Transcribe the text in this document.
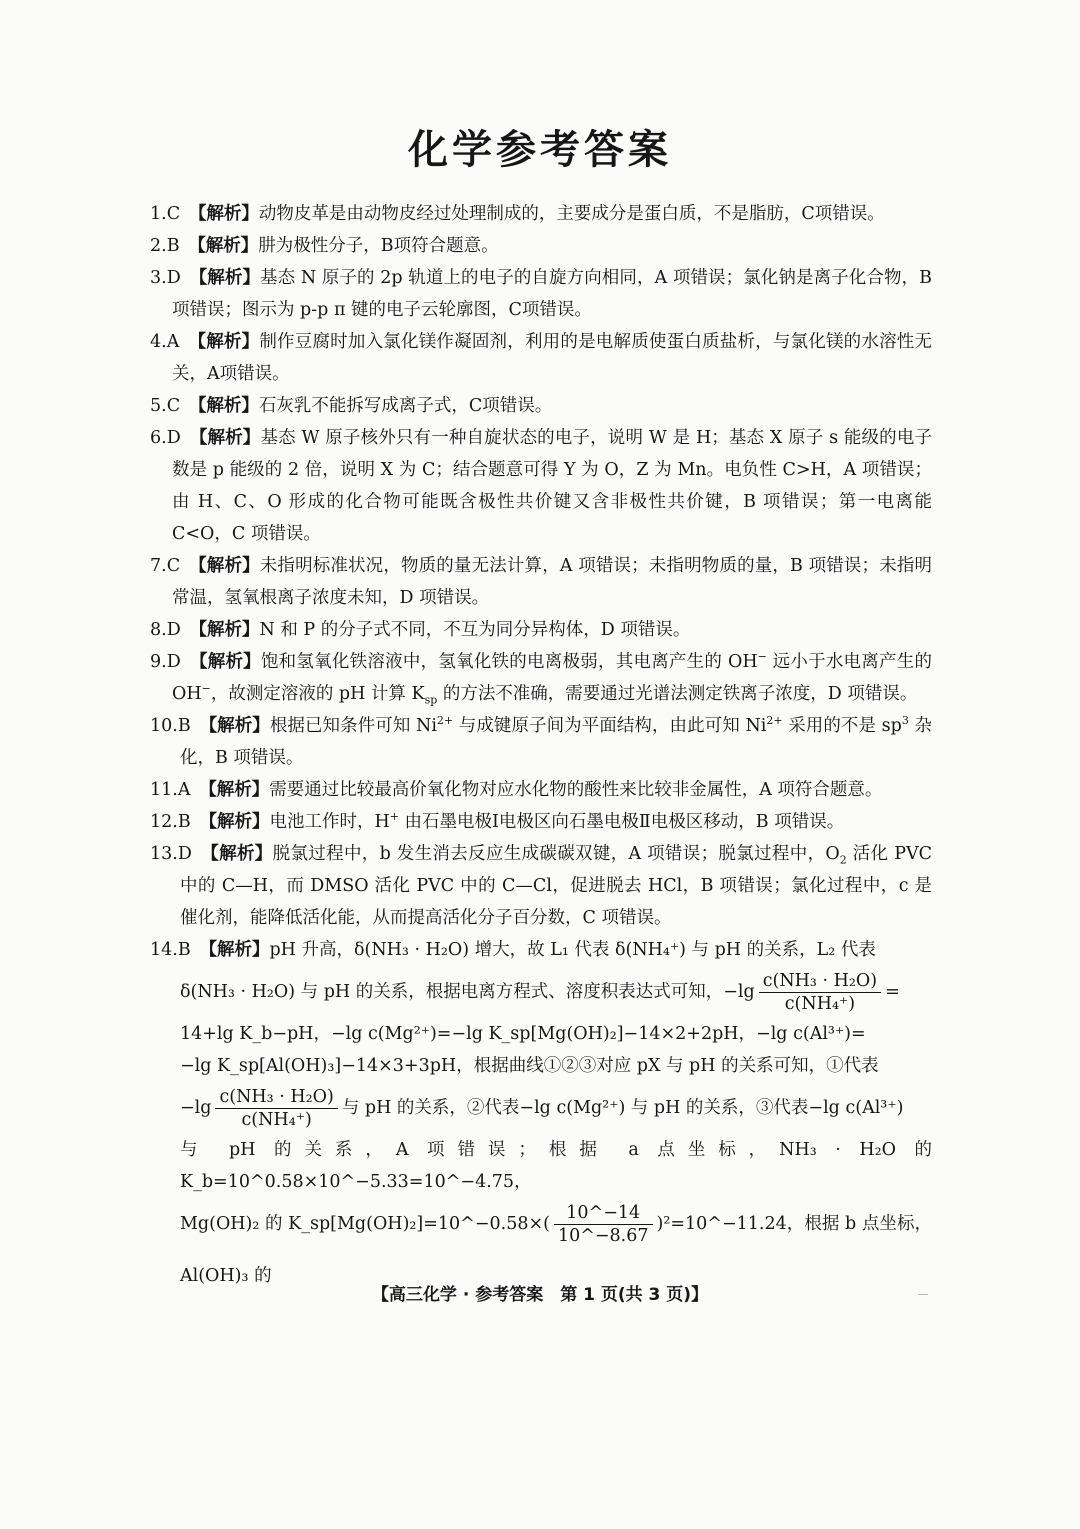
化学参考答案

1.C　 【解析】动物皮革是由动物皮经过处理制成的，主要成分是蛋白质，不是脂肪，C项错误。

2.B　 【解析】肼为极性分子，B项符合题意。

3.D　 【解析】基态 N 原子的 2p 轨道上的电子的自旋方向相同，A 项错误；氯化钠是离子化合物，B项错误；图示为 p-p π 键的电子云轮廓图，C项错误。

4.A　 【解析】制作豆腐时加入氯化镁作凝固剂，利用的是电解质使蛋白质盐析，与氯化镁的水溶性无关，A项错误。

5.C　 【解析】石灰乳不能拆写成离子式，C项错误。

6.D　 【解析】基态 W 原子核外只有一种自旋状态的电子，说明 W 是 H；基态 X 原子 s 能级的电子数是 p 能级的 2 倍，说明 X 为 C；结合题意可得 Y 为 O，Z 为 Mn。电负性 C>H，A 项错误；由 H、C、O 形成的化合物可能既含极性共价键又含非极性共价键，B 项错误；第一电离能 C<O，C 项错误。

7.C　 【解析】未指明标准状况，物质的量无法计算，A 项错误；未指明物质的量，B 项错误；未指明常温，氢氧根离子浓度未知，D 项错误。

8.D　 【解析】N 和 P 的分子式不同，不互为同分异构体，D 项错误。

9.D　 【解析】饱和氢氧化铁溶液中，氢氧化铁的电离极弱，其电离产生的 OH− 远小于水电离产生的 OH−，故测定溶液的 pH 计算 $K_{sp}$ 的方法不准确，需要通过光谱法测定铁离子浓度，D 项错误。

10.B　 【解析】根据已知条件可知 $Ni^{2+}$ 与成键原子间为平面结构，由此可知 $Ni^{2+}$ 采用的不是 $sp^3$ 杂化，B 项错误。

11.A　 【解析】需要通过比较最高价氧化物对应水化物的酸性来比较非金属性，A 项符合题意。

12.B　 【解析】电池工作时，H+ 由石墨电极Ⅰ电极区向石墨电极Ⅱ电极区移动，B 项错误。

13.D　 【解析】脱氯过程中，b 发生消去反应生成碳碳双键，A 项错误；脱氯过程中，$O_2$ 活化 PVC 中的 C—H，而 DMSO 活化 PVC 中的 C—Cl，促进脱去 HCl，B 项错误；氯化过程中，c 是催化剂，能降低活化能，从而提高活化分子百分数，C 项错误。

14.B　 【解析】pH 升高，δ(NH₃ · H₂O) 增大，故 L₁ 代表 δ(NH₄⁺) 与 pH 的关系，L₂ 代表

δ(NH₃ · H₂O) 与 pH 的关系，根据电离方程式、溶度积表达式可知，$-\lg \frac{\text{c(NH₃ · H₂O)}}{\text{c(NH₄⁺)}}$ =

14+lg K_b−pH，−lg c(Mg²⁺)=−lg K_sp[Mg(OH)₂]−14×2+2pH，−lg c(Al³⁺)=

−lg K_sp[Al(OH)₃]−14×3+3pH，根据曲线①②③对应 pX 与 pH 的关系可知，①代表

$-\lg \frac{\text{c(NH₃ · H₂O)}}{\text{c(NH₄⁺)}}$ 与 pH 的关系，②代表−lg c(Mg²⁺) 与 pH 的关系，③代表−lg c(Al³⁺)

与 pH 的关系，A 项错误；根据 a 点坐标，NH₃ · H₂O 的 K_b=10^0.58×10^−5.33=10^−4.75，

Mg(OH)₂ 的 K_sp[Mg(OH)₂]=10^−0.58×( $\frac{10\^{}-14}{10\^{}-8.67}$ )²=10^−11.24，根据 b 点坐标，Al(OH)₃ 的

【高三化学 · 参考答案　第 1 页(共 3 页)】
